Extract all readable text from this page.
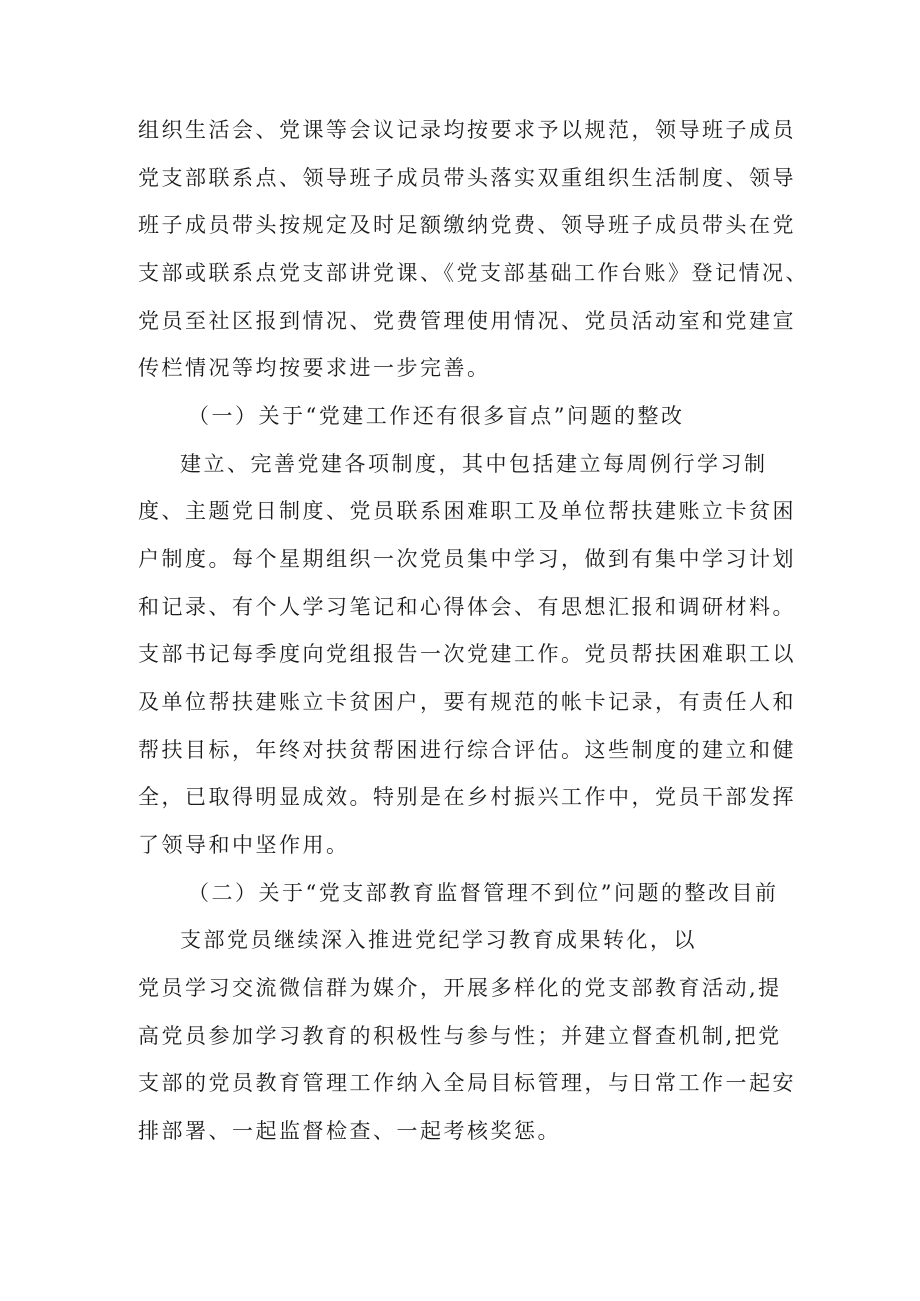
组织生活会、党课等会议记录均按要求予以规范，领导班子成员
党支部联系点、领导班子成员带头落实双重组织生活制度、领导
班子成员带头按规定及时足额缴纳党费、领导班子成员带头在党
支部或联系点党支部讲党课、《党支部基础工作台账》登记情况、
党员至社区报到情况、党费管理使用情况、党员活动室和党建宣
传栏情况等均按要求进一步完善。
（一）关于“党建工作还有很多盲点”问题的整改
建立、完善党建各项制度，其中包括建立每周例行学习制
度、主题党日制度、党员联系困难职工及单位帮扶建账立卡贫困
户制度。每个星期组织一次党员集中学习，做到有集中学习计划
和记录、有个人学习笔记和心得体会、有思想汇报和调研材料。
支部书记每季度向党组报告一次党建工作。党员帮扶困难职工以
及单位帮扶建账立卡贫困户，要有规范的帐卡记录，有责任人和
帮扶目标，年终对扶贫帮困进行综合评估。这些制度的建立和健
全，已取得明显成效。特别是在乡村振兴工作中，党员干部发挥
了领导和中坚作用。
（二）关于“党支部教育监督管理不到位”问题的整改目前
支部党员继续深入推进党纪学习教育成果转化，以
党员学习交流微信群为媒介，开展多样化的党支部教育活动,提
高党员参加学习教育的积极性与参与性；并建立督查机制,把党
支部的党员教育管理工作纳入全局目标管理，与日常工作一起安
排部署、一起监督检查、一起考核奖惩。
